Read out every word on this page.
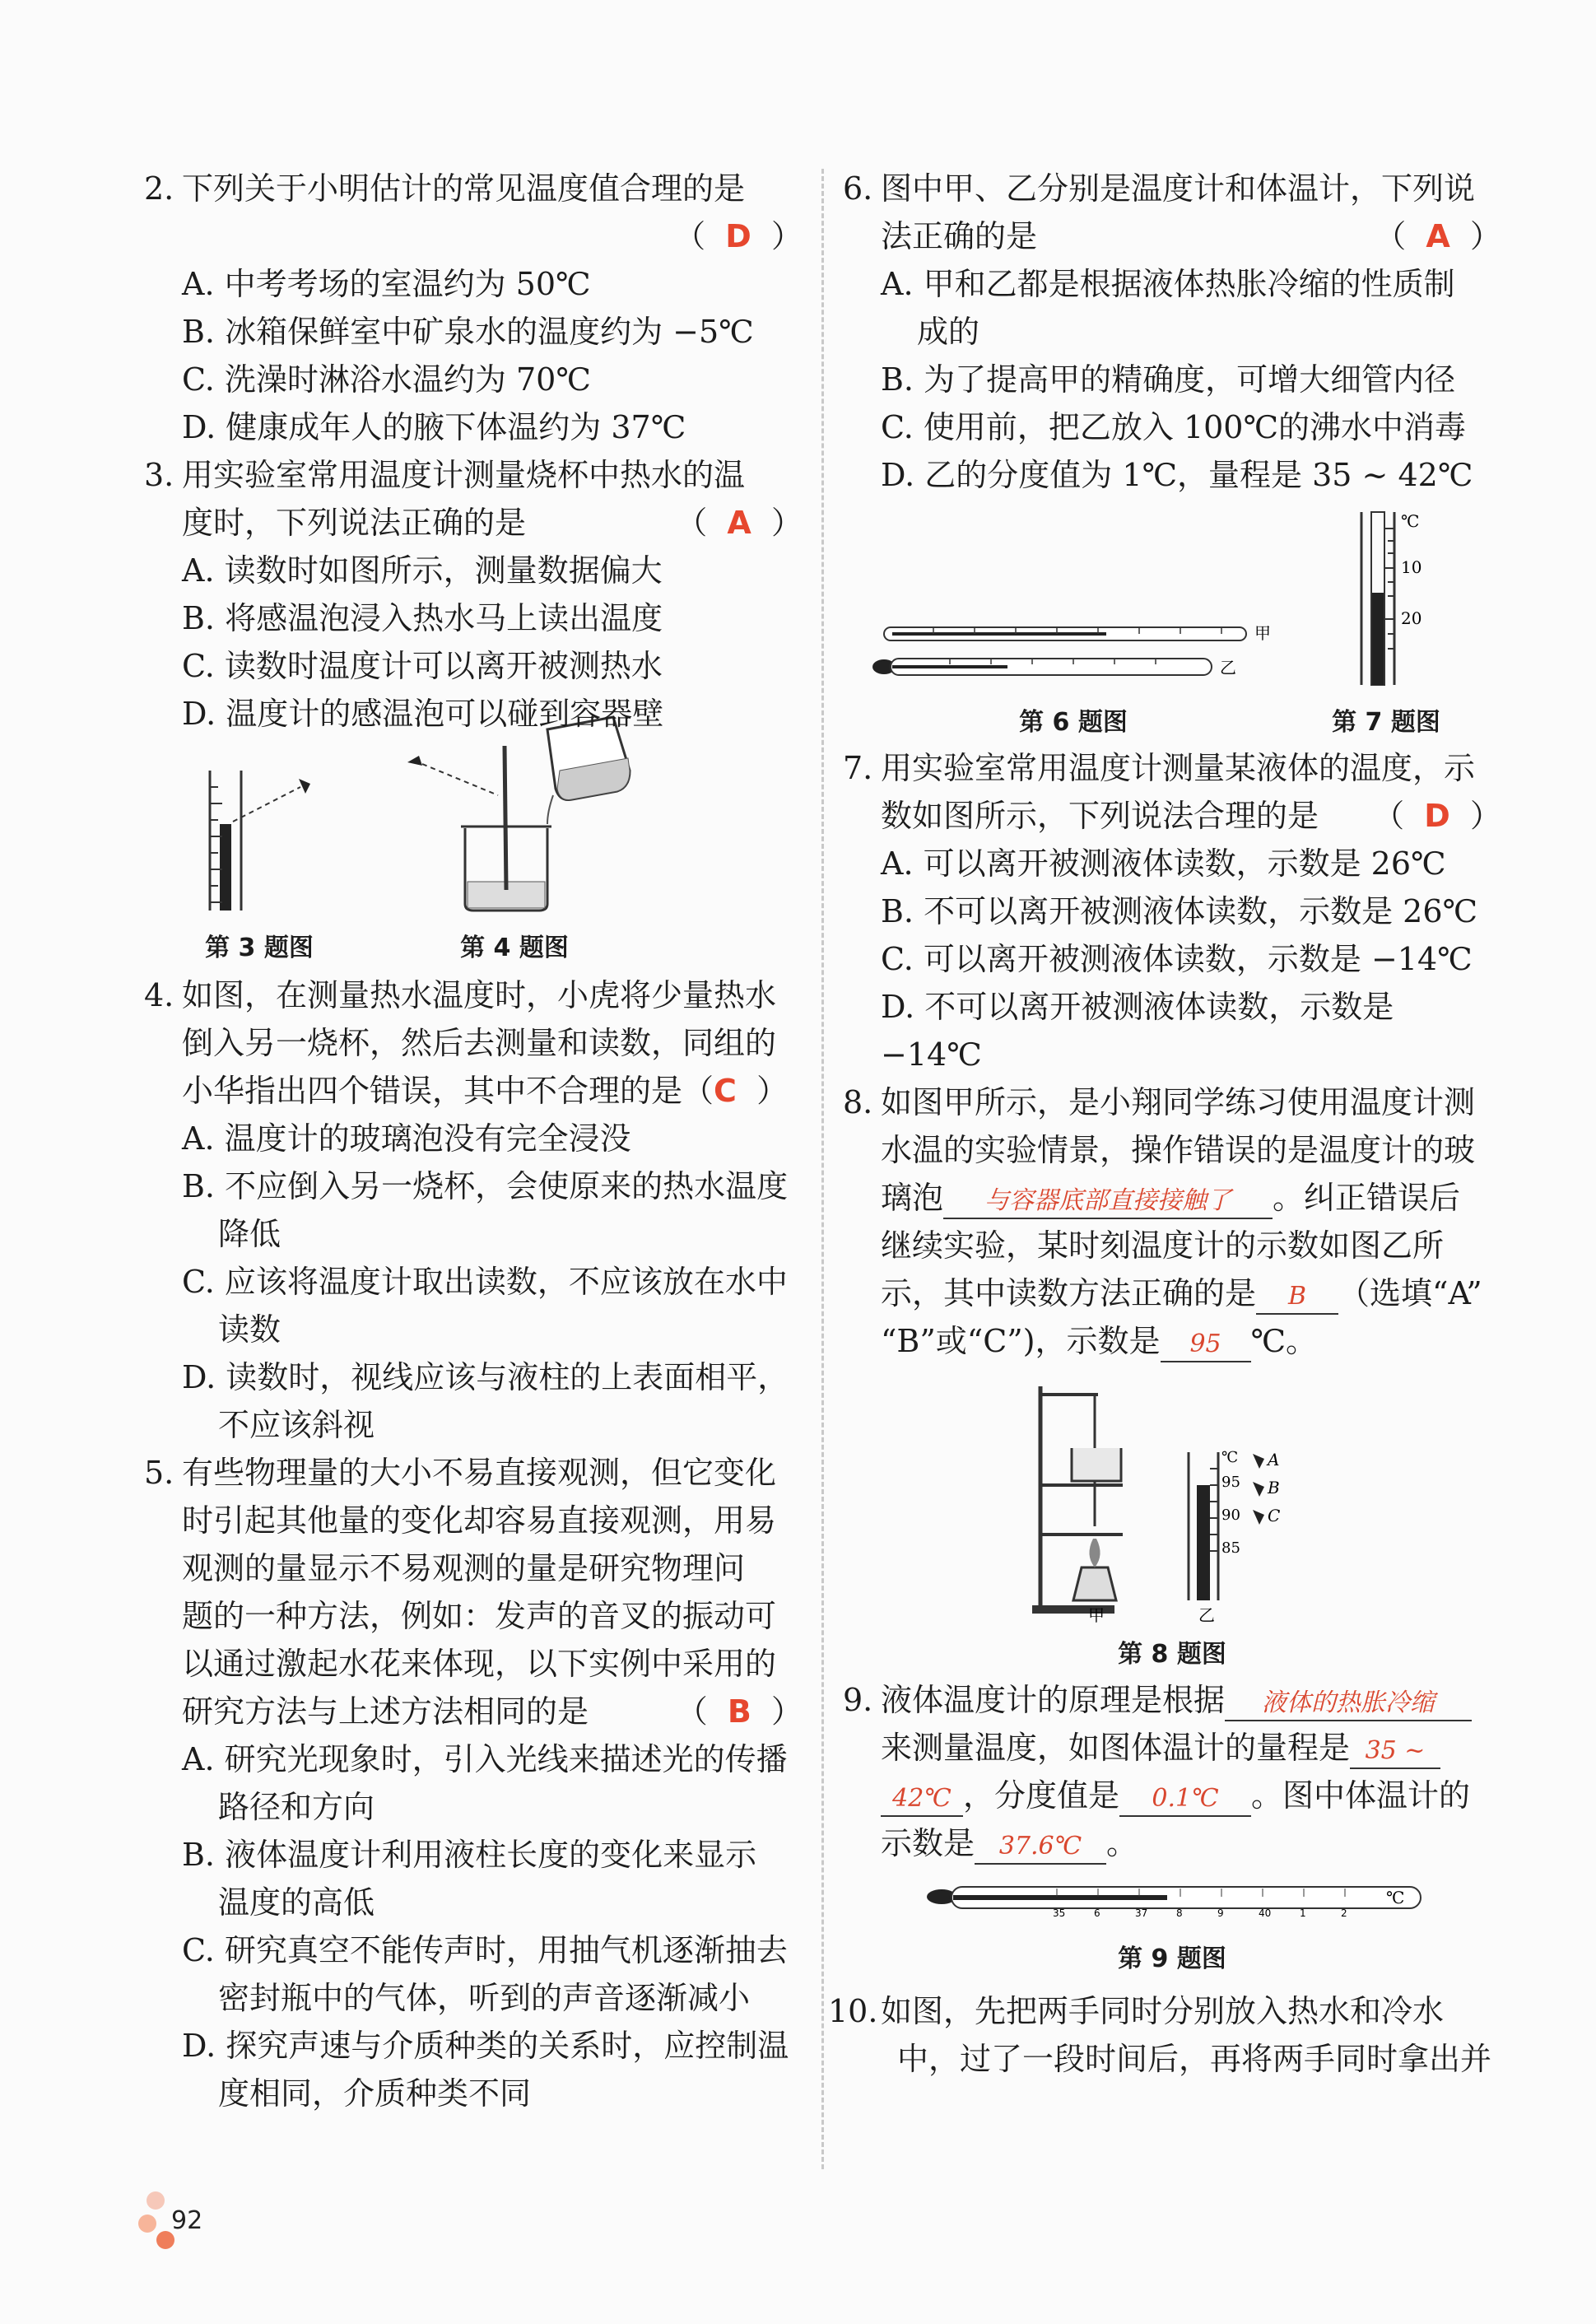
2. 下列关于小明估计的常见温度值合理的是
（  D  ）
A. 中考考场的室温约为 50℃
B. 冰箱保鲜室中矿泉水的温度约为 −5℃
C. 洗澡时淋浴水温约为 70℃
D. 健康成年人的腋下体温约为 37℃
3. 用实验室常用温度计测量烧杯中热水的温
度时，下列说法正确的是	（  A  ）
A. 读数时如图所示，测量数据偏大
B. 将感温泡浸入热水马上读出温度
C. 读数时温度计可以离开被测热水
D. 温度计的感温泡可以碰到容器壁
第 3 题图	第 4 题图
4. 如图，在测量热水温度时，小虎将少量热水
倒入另一烧杯，然后去测量和读数，同组的
小华指出四个错误，其中不合理的是（C  ）
A. 温度计的玻璃泡没有完全浸没
B. 不应倒入另一烧杯，会使原来的热水温度
降低
C. 应该将温度计取出读数，不应该放在水中
读数
D. 读数时，视线应该与液柱的上表面相平，
不应该斜视
5. 有些物理量的大小不易直接观测，但它变化
时引起其他量的变化却容易直接观测，用易
观测的量显示不易观测的量是研究物理问
题的一种方法，例如：发声的音叉的振动可
以通过激起水花来体现，以下实例中采用的
研究方法与上述方法相同的是	（  B  ）
A. 研究光现象时，引入光线来描述光的传播
路径和方向
B. 液体温度计利用液柱长度的变化来显示
温度的高低
C. 研究真空不能传声时，用抽气机逐渐抽去
密封瓶中的气体，听到的声音逐渐减小
D. 探究声速与介质种类的关系时，应控制温
度相同，介质种类不同
6. 图中甲、乙分别是温度计和体温计，下列说
法正确的是	（  A  ）
A. 甲和乙都是根据液体热胀冷缩的性质制
成的
B. 为了提高甲的精确度，可增大细管内径
C. 使用前，把乙放入 100℃的沸水中消毒
D. 乙的分度值为 1℃，量程是 35 ~ 42℃
甲
乙
第 6 题图
℃
10
20
第 7 题图
7. 用实验室常用温度计测量某液体的温度，示
数如图所示，下列说法合理的是 （  D  ）
A. 可以离开被测液体读数，示数是 26℃
B. 不可以离开被测液体读数，示数是 26℃
C. 可以离开被测液体读数，示数是 −14℃
D. 不可以离开被测液体读数，示数是 −14℃
8. 如图甲所示，是小翔同学练习使用温度计测
水温的实验情景，操作错误的是温度计的玻
璃泡 与容器底部直接接触了 。纠正错误后
继续实验，某时刻温度计的示数如图乙所
示，其中读数方法正确的是 B （选填“A”
“B”或“C”)，示数是 95 ℃。
甲
℃
95
90
85
A
B
C
乙
第 8 题图
9. 液体温度计的原理是根据 液体的热胀冷缩
来测量温度，如图体温计的量程是 35 ~
42℃ ，分度值是 0.1℃ 。图中体温计的
示数是 37.6℃ 。
35	6	37	8	9	40	1	2
℃
第 9 题图
10. 如图，先把两手同时分别放入热水和冷水
中，过了一段时间后，再将两手同时拿出并
92
